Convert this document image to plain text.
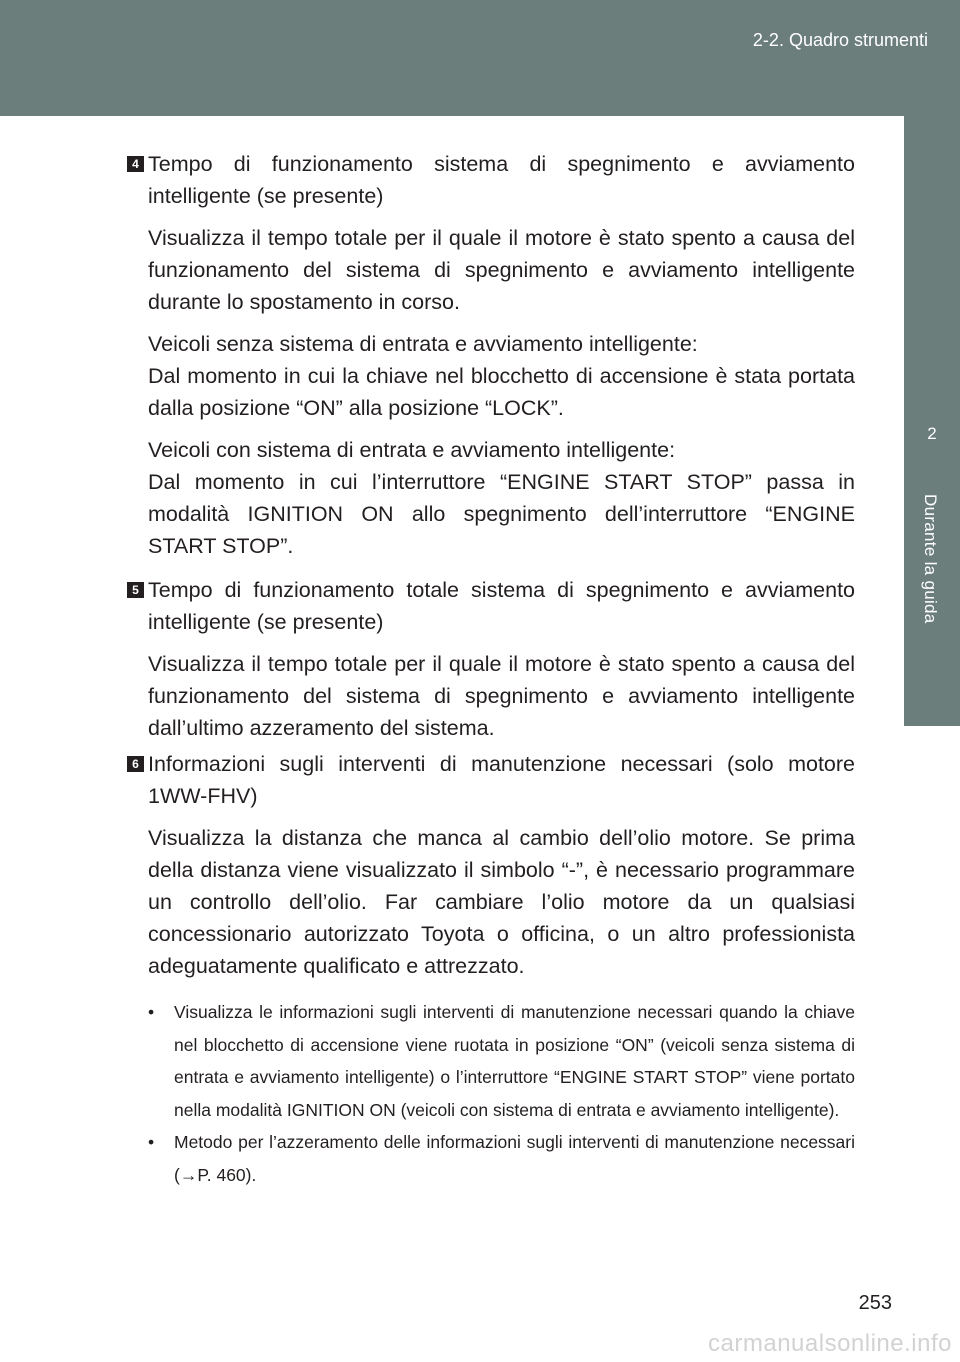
2-2. Quadro strumenti
2
Durante la guida
4 Tempo di funzionamento sistema di spegnimento e avviamento intelligente (se presente)
Visualizza il tempo totale per il quale il motore è stato spento a causa del funzionamento del sistema di spegnimento e avviamento intelligente durante lo spostamento in corso.
Veicoli senza sistema di entrata e avviamento intelligente:
Dal momento in cui la chiave nel blocchetto di accensione è stata portata dalla posizione “ON” alla posizione “LOCK”.
Veicoli con sistema di entrata e avviamento intelligente:
Dal momento in cui l’interruttore “ENGINE START STOP” passa in modalità IGNITION ON allo spegnimento dell’interruttore “ENGINE START STOP”.
5 Tempo di funzionamento totale sistema di spegnimento e avviamento intelligente (se presente)
Visualizza il tempo totale per il quale il motore è stato spento a causa del funzionamento del sistema di spegnimento e avviamento intelligente dall’ultimo azzeramento del sistema.
6 Informazioni sugli interventi di manutenzione necessari (solo motore 1WW-FHV)
Visualizza la distanza che manca al cambio dell’olio motore. Se prima della distanza viene visualizzato il simbolo “-”, è necessario programmare un controllo dell’olio. Far cambiare l’olio motore da un qualsiasi concessionario autorizzato Toyota o officina, o un altro professionista adeguatamente qualificato e attrezzato.
• Visualizza le informazioni sugli interventi di manutenzione necessari quando la chiave nel blocchetto di accensione viene ruotata in posizione “ON” (veicoli senza sistema di entrata e avviamento intelligente) o l’interruttore “ENGINE START STOP” viene portato nella modalità IGNITION ON (veicoli con sistema di entrata e avviamento intelligente).
• Metodo per l’azzeramento delle informazioni sugli interventi di manutenzione necessari (→P. 460).
253
carmanualsonline.info
